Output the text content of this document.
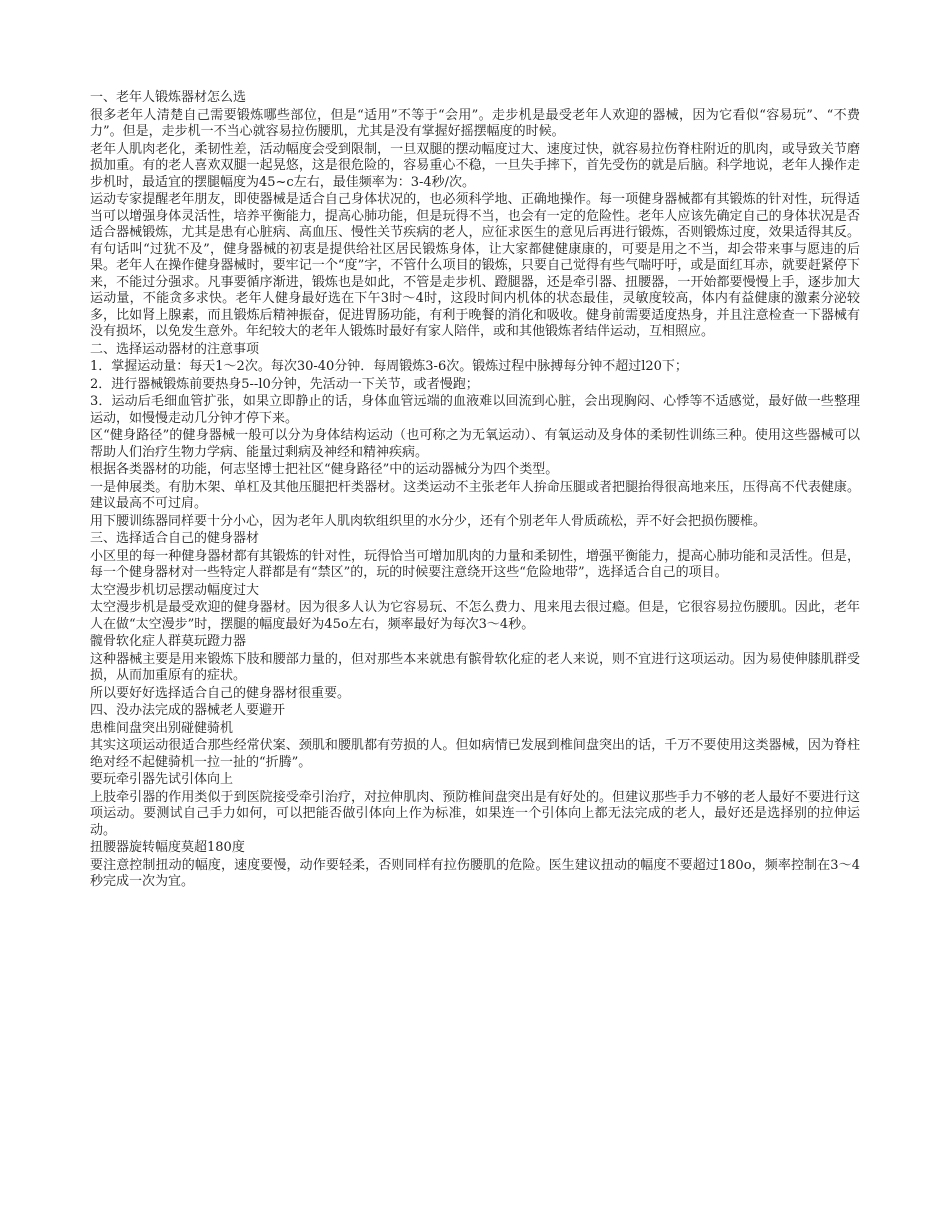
一、老年人锻炼器材怎么选
很多老年人清楚自己需要锻炼哪些部位，但是“适用”不等于“会用”。走步机是最受老年人欢迎的器械，因为它看似“容易玩”、“不费力”。但是，走步机一不当心就容易拉伤腰肌，尤其是没有掌握好摇摆幅度的时候。
老年人肌肉老化，柔韧性差，活动幅度会受到限制，一旦双腿的摆动幅度过大、速度过快，就容易拉伤脊柱附近的肌肉，或导致关节磨损加重。有的老人喜欢双腿一起晃悠，这是很危险的，容易重心不稳，一旦失手摔下，首先受伤的就是后脑。科学地说，老年人操作走步机时，最适宜的摆腿幅度为45~c左右，最佳频率为：3-4秒/次。
运动专家提醒老年朋友，即使器械是适合自己身体状况的，也必须科学地、正确地操作。每一项健身器械都有其锻炼的针对性，玩得适当可以增强身体灵活性，培养平衡能力，提高心肺功能，但是玩得不当，也会有一定的危险性。老年人应该先确定自己的身体状况是否适合器械锻炼，尤其是患有心脏病、高血压、慢性关节疾病的老人，应征求医生的意见后再进行锻炼，否则锻炼过度，效果适得其反。有句话叫“过犹不及”，健身器械的初衷是提供给社区居民锻炼身体，让大家都健健康康的，可要是用之不当，却会带来事与愿违的后果。老年人在操作健身器械时，要牢记一个“度”字，不管什么项目的锻炼，只要自己觉得有些气喘吁吁，或是面红耳赤，就要赶紧停下来，不能过分强求。凡事要循序渐进，锻炼也是如此，不管是走步机、蹬腿器，还是牵引器、扭腰器，一开始都要慢慢上手，逐步加大运动量，不能贪多求快。老年人健身最好选在下午3时～4时，这段时间内机体的状态最佳，灵敏度较高，体内有益健康的激素分泌较多，比如肾上腺素，而且锻炼后精神振奋，促进胃肠功能，有利于晚餐的消化和吸收。健身前需要适度热身，并且注意检查一下器械有没有损坏，以免发生意外。年纪较大的老年人锻炼时最好有家人陪伴，或和其他锻炼者结伴运动，互相照应。
二、选择运动器材的注意事项
1．掌握运动量：每天1～2次。每次30-40分钟．每周锻炼3-6次。锻炼过程中脉搏每分钟不超过l20下；
2．进行器械锻炼前要热身5--l0分钟，先活动一下关节，或者慢跑；
3．运动后毛细血管扩张，如果立即静止的话，身体血管远端的血液难以回流到心脏，会出现胸闷、心悸等不适感觉，最好做一些整理运动，如慢慢走动几分钟才停下来。
区“健身路径”的健身器械一般可以分为身体结构运动（也可称之为无氧运动）、有氧运动及身体的柔韧性训练三种。使用这些器械可以帮助人们治疗生物力学病、能量过剩病及神经和精神疾病。
根据各类器材的功能，何志坚博士把社区“健身路径”中的运动器械分为四个类型。
一是伸展类。有肋木架、单杠及其他压腿把杆类器材。这类运动不主张老年人拚命压腿或者把腿抬得很高地来压，压得高不代表健康。建议最高不可过肩。
用下腰训练器同样要十分小心，因为老年人肌肉软组织里的水分少，还有个别老年人骨质疏松，弄不好会把损伤腰椎。
三、选择适合自己的健身器材
小区里的每一种健身器材都有其锻炼的针对性，玩得恰当可增加肌肉的力量和柔韧性，增强平衡能力，提高心肺功能和灵活性。但是，每一个健身器材对一些特定人群都是有“禁区”的，玩的时候要注意绕开这些“危险地带”，选择适合自己的项目。
太空漫步机切忌摆动幅度过大
太空漫步机是最受欢迎的健身器材。因为很多人认为它容易玩、不怎么费力、甩来甩去很过瘾。但是，它很容易拉伤腰肌。因此，老年人在做“太空漫步”时，摆腿的幅度最好为45o左右，频率最好为每次3～4秒。
髋骨软化症人群莫玩蹬力器
这种器械主要是用来锻炼下肢和腰部力量的，但对那些本来就患有髌骨软化症的老人来说，则不宜进行这项运动。因为易使伸膝肌群受损，从而加重原有的症状。
所以要好好选择适合自己的健身器材很重要。
四、没办法完成的器械老人要避开
患椎间盘突出别碰健骑机
其实这项运动很适合那些经常伏案、颈肌和腰肌都有劳损的人。但如病情已发展到椎间盘突出的话，千万不要使用这类器械，因为脊柱绝对经不起健骑机一拉一扯的“折腾”。
要玩牵引器先试引体向上
上肢牵引器的作用类似于到医院接受牵引治疗，对拉伸肌肉、预防椎间盘突出是有好处的。但建议那些手力不够的老人最好不要进行这项运动。要测试自己手力如何，可以把能否做引体向上作为标准，如果连一个引体向上都无法完成的老人，最好还是选择别的拉伸运动。
扭腰器旋转幅度莫超180度
要注意控制扭动的幅度，速度要慢，动作要轻柔，否则同样有拉伤腰肌的危险。医生建议扭动的幅度不要超过180o，频率控制在3～4秒完成一次为宜。
